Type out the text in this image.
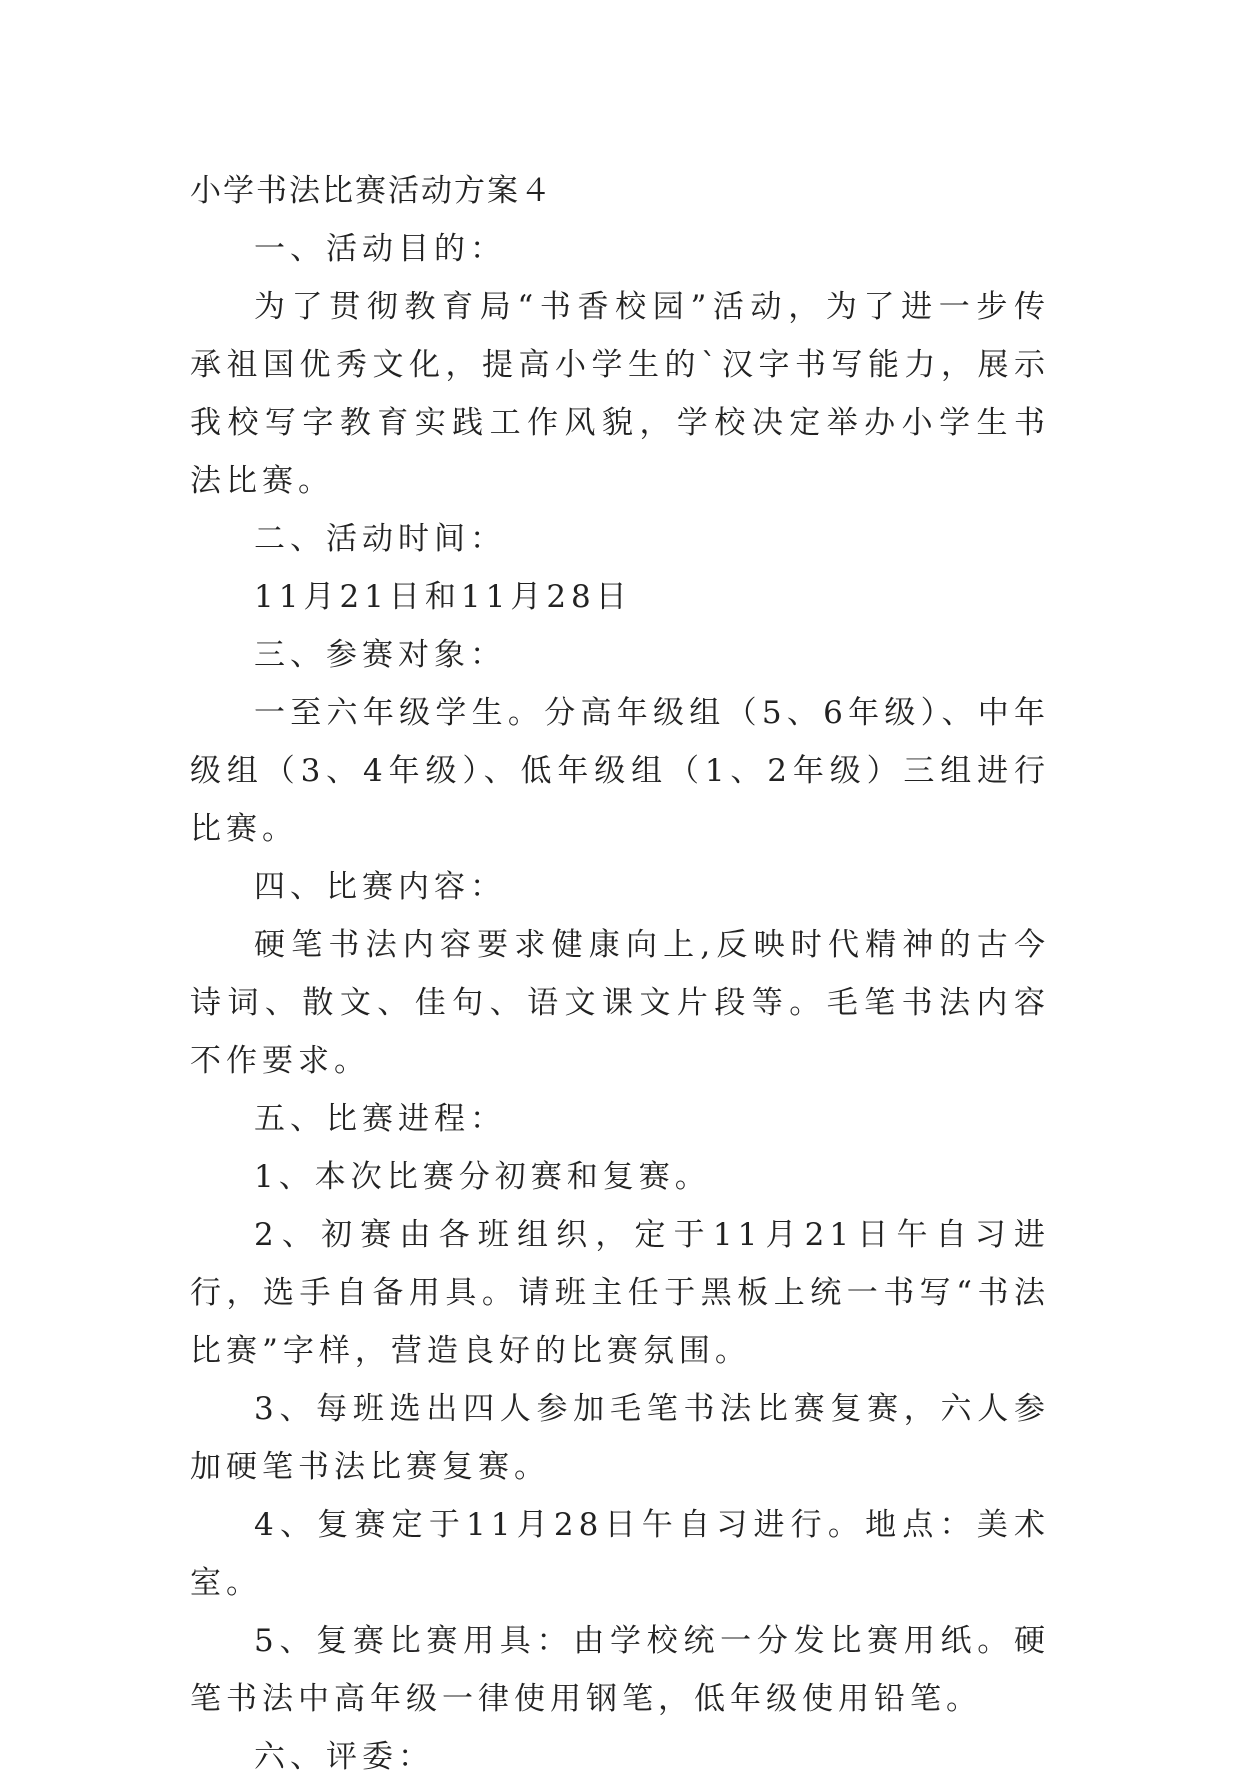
小学书法比赛活动方案４

一、活动目的：

为了贯彻教育局“书香校园”活动，为了进一步传承祖国优秀文化，提高小学生的`汉字书写能力，展示我校写字教育实践工作风貌，学校决定举办小学生书法比赛。

二、活动时间：

11月21日和11月28日

三、参赛对象：

一至六年级学生。分高年级组（5、6年级）、中年级组（3、4年级）、低年级组（1、2年级）三组进行比赛。

四、比赛内容：

硬笔书法内容要求健康向上,反映时代精神的古今诗词、散文、佳句、语文课文片段等。毛笔书法内容不作要求。

五、比赛进程：

1、本次比赛分初赛和复赛。

2、初赛由各班组织，定于11月21日午自习进行，选手自备用具。请班主任于黑板上统一书写“书法比赛”字样，营造良好的比赛氛围。

3、每班选出四人参加毛笔书法比赛复赛，六人参加硬笔书法比赛复赛。

4、复赛定于11月28日午自习进行。地点：美术室。

5、复赛比赛用具：由学校统一分发比赛用纸。硬笔书法中高年级一律使用钢笔，低年级使用铅笔。

六、评委：
